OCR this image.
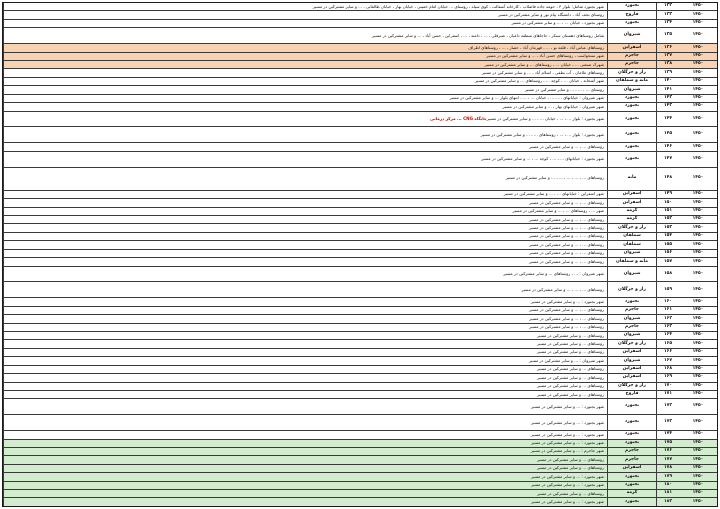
شهر بجنورد شامل: بلوار ۳ ، حومه جاده فاضلاب ، کارخانه آسفالت ، کوی سپاه ، روستای ... خیابان امام خمینی ، خیابان بهار ، خیابان طالقانی ، ... و سایر مشترکین در مسیر	بجنورد	۱۳۲	۱۴۵۰
روستای نجف آباد ، دانشگاه پیام نور و سایر مشترکین در مسیر	فاروج	۱۳۳	۱۴۵۰
شهر بجنورد ، خیابان ... ، ... و سایر مشترکین در مسیر	بجنورد	۱۳۴	۱۴۵۰
شامل روستاهای دهستان سنکر ، جاجاهای منطقه داغیان ، شیرقلی ، ... ، دامنه ، ... ، اسفراین ، حسن آباد ، ... و سایر مشترکین در مسیر	شیروان	۱۳۵	۱۴۵۰
روستاهای عباس آباد ، قلعه نو ، ... ، قهرمان آباد ، حصار ، ... ، روستاهای اطراف	اسفراین	۱۳۶	۱۴۵۰
شهر سنخواست ، روستاهای حسن آباد ، ... و سایر مشترکین در مسیر	جاجرم	۱۳۷	۱۴۵۰
شهرک صنعتی ... ، خیابان ... ، روستاهای ... و سایر مشترکین در مسیر	جاجرم	۱۳۸	۱۴۵۰
روستاهای غلامان ، آب بطفی ، اسلام آباد ، ... و سایر مشترکین در مسیر	راز و جرگلان	۱۳۹	۱۴۵۰
شهر آشخانه ، خیابان ... ، کوچه ... ، روستاهای ... و سایر مشترکین در مسیر	مانه و سملقان	۱۴۰	۱۴۵۰
روستای ... ، ... ، ... و سایر مشترکین در مسیر	شیروان	۱۴۱	۱۴۵۰
شهر شیروان : خیابانهای ... ، ... ، خیابان ... ، ... ، انتهای بلوار ... و سایر مشترکین در مسیر	بجنورد	۱۴۲	۱۴۵۰
شهر شیروان : خیابانهای بهار ، ... و سایر مشترکین در مسیر	بجنورد	۱۴۳	۱۴۵۰
شهر بجنورد : بلوار ... ، ... ، خیابان ... ، ... و سایر مشترکین در مسیر
جایگاه CNG ... مرکز درمانی	بجنورد	۱۴۴	۱۴۵۰
شهر بجنورد : بلوار ... ، ... ، روستاهای ... ، ... و سایر مشترکین در مسیر	بجنورد	۱۴۵	۱۴۵۰
روستاهای ... ، ... و سایر مشترکین در مسیر	بجنورد	۱۴۶	۱۴۵۰
شهر بجنورد : خیابانهای ... ، ... ، کوچه ... ، ... و سایر مشترکین در مسیر	بجنورد	۱۴۷	۱۴۵۰
روستاهای ... ، ... ، ... ، ... ، ... و سایر مشترکین در مسیر	مانه	۱۴۸	۱۴۵۰
شهر اسفراین : خیابانهای ... ، ... و سایر مشترکین در مسیر	اسفراین	۱۴۹	۱۴۵۰
روستاهای ... ، ... و سایر مشترکین در مسیر	اسفراین	۱۵۰	۱۴۵۰
شهر ... ، روستاهای ... ، ... و سایر مشترکین در مسیر	گرمه	۱۵۱	۱۴۵۰
روستاهای ... ، ... و سایر مشترکین در مسیر	گرمه	۱۵۲	۱۴۵۰
روستاهای ... ، ... و سایر مشترکین در مسیر	راز و جرگلان	۱۵۳	۱۴۵۰
روستاهای ... ، ... و سایر مشترکین در مسیر	سملقان	۱۵۴	۱۴۵۰
روستاهای ... ، ... و سایر مشترکین در مسیر	سملقان	۱۵۵	۱۴۵۰
روستاهای ... ، ... و سایر مشترکین در مسیر	شیروان	۱۵۶	۱۴۵۰
روستاهای ... ، ... و سایر مشترکین در مسیر	مانه و سملقان	۱۵۷	۱۴۵۰
شهر شیروان : ... ، روستاهای ... و سایر مشترکین در مسیر	شیروان	۱۵۸	۱۴۵۰
روستاهای ... ، ... ، ... و سایر مشترکین در مسیر	راز و جرگلان	۱۵۹	۱۴۵۰
شهر بجنورد : ... و سایر مشترکین در مسیر	بجنورد	۱۶۰	۱۴۵۰
روستاهای ... ، ... و سایر مشترکین در مسیر	جاجرم	۱۶۱	۱۴۵۰
روستاهای ... ، ... و سایر مشترکین در مسیر	شیروان	۱۶۲	۱۴۵۰
روستاهای ... ، ... و سایر مشترکین در مسیر	جاجرم	۱۶۳	۱۴۵۰
روستاهای ... و سایر مشترکین در مسیر	شیروان	۱۶۴	۱۴۵۰
روستاهای ... و سایر مشترکین در مسیر	راز و جرگلان	۱۶۵	۱۴۵۰
روستاهای ... و سایر مشترکین در مسیر	اسفراین	۱۶۶	۱۴۵۰
شهر شیروان : ... و سایر مشترکین در مسیر	شیروان	۱۶۷	۱۴۵۰
روستاهای ... و سایر مشترکین در مسیر	اسفراین	۱۶۸	۱۴۵۰
روستاهای ... و سایر مشترکین در مسیر	اسفراین	۱۶۹	۱۴۵۰
روستاهای ... و سایر مشترکین در مسیر	راز و جرگلان	۱۷۰	۱۴۵۰
روستاهای ... و سایر مشترکین در مسیر	فاروج	۱۷۱	۱۴۵۰
شهر بجنورد : ... و سایر مشترکین در مسیر	بجنورد	۱۷۲	۱۴۵۰
شهر بجنورد : ... و سایر مشترکین در مسیر	بجنورد	۱۷۳	۱۴۵۰
شهر بجنورد : ... و سایر مشترکین در مسیر	بجنورد	۱۷۴	۱۴۵۰
شهر بجنورد : ... و سایر مشترکین در مسیر	بجنورد	۱۷۵	۱۴۵۰
شهر جاجرم : ... و سایر مشترکین در مسیر	جاجرم	۱۷۶	۱۴۵۰
روستاهای ... و سایر مشترکین در مسیر	جاجرم	۱۷۷	۱۴۵۰
روستاهای ... و سایر مشترکین در مسیر	اسفراین	۱۷۸	۱۴۵۰
شهر بجنورد : ... و سایر مشترکین در مسیر	بجنورد	۱۷۹	۱۴۵۰
شهر بجنورد : ... و سایر مشترکین در مسیر	بجنورد	۱۸۰	۱۴۵۰
روستاهای ... و سایر مشترکین در مسیر	گرمه	۱۸۱	۱۴۵۰
شهر بجنورد : ... و سایر مشترکین در مسیر	بجنورد	۱۸۲	۱۴۵۰
